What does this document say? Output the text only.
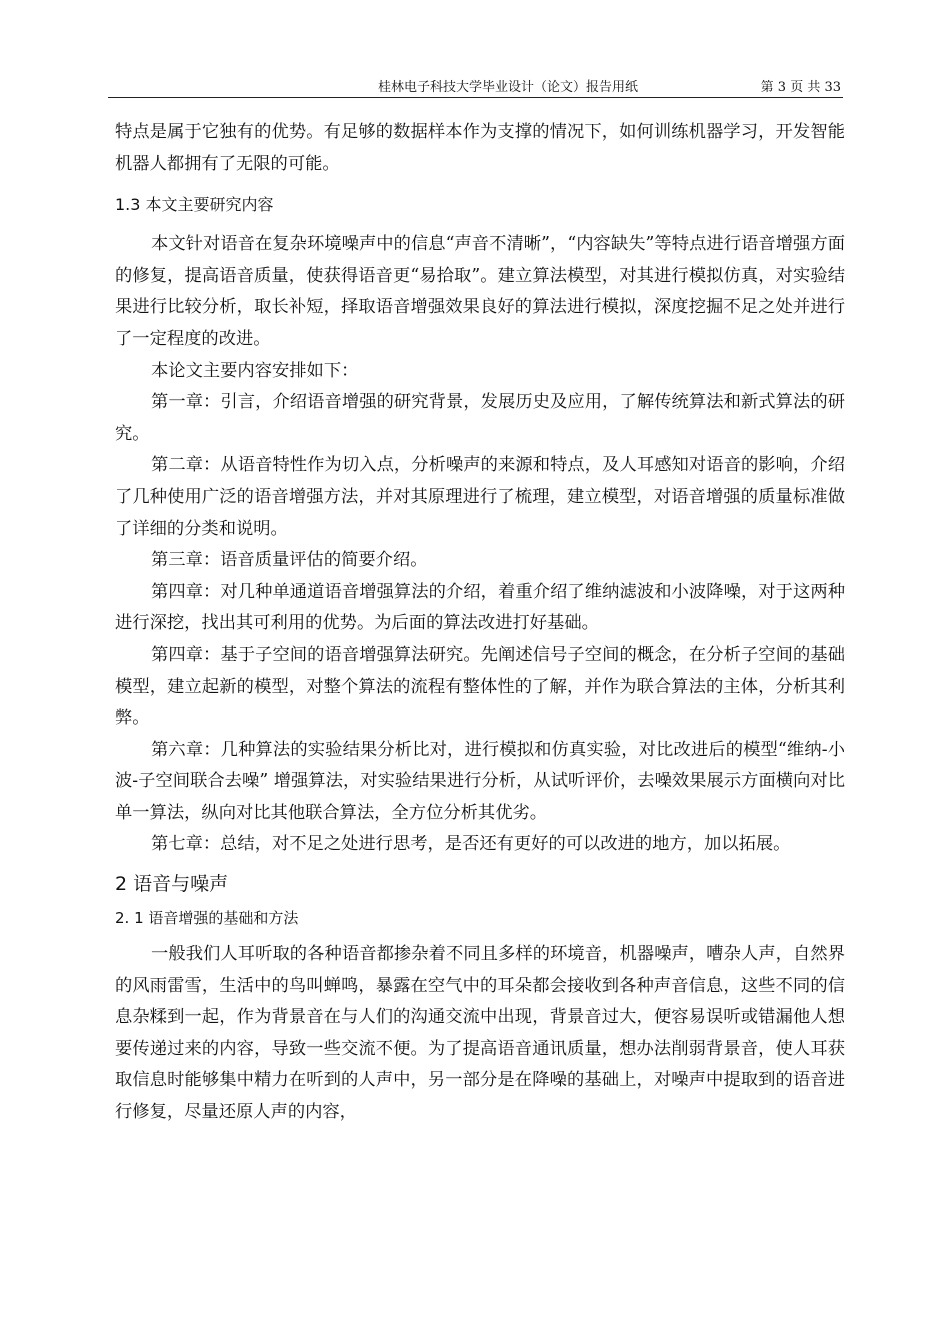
桂林电子科技大学毕业设计（论文）报告用纸	第 3 页 共 33

特点是属于它独有的优势。有足够的数据样本作为支撑的情况下，如何训练机器学习，开发智能机器人都拥有了无限的可能。

1.3 本文主要研究内容

本文针对语音在复杂环境噪声中的信息“声音不清晰”，“内容缺失”等特点进行语音增强方面的修复，提高语音质量，使获得语音更“易拾取”。建立算法模型，对其进行模拟仿真，对实验结果进行比较分析，取长补短，择取语音增强效果良好的算法进行模拟，深度挖掘不足之处并进行了一定程度的改进。

本论文主要内容安排如下：

第一章：引言，介绍语音增强的研究背景，发展历史及应用，了解传统算法和新式算法的研究。

第二章：从语音特性作为切入点，分析噪声的来源和特点，及人耳感知对语音的影响，介绍了几种使用广泛的语音增强方法，并对其原理进行了梳理，建立模型，对语音增强的质量标准做了详细的分类和说明。

第三章：语音质量评估的简要介绍。

第四章：对几种单通道语音增强算法的介绍，着重介绍了维纳滤波和小波降噪，对于这两种进行深挖，找出其可利用的优势。为后面的算法改进打好基础。

第四章：基于子空间的语音增强算法研究。先阐述信号子空间的概念，在分析子空间的基础模型，建立起新的模型，对整个算法的流程有整体性的了解，并作为联合算法的主体，分析其利弊。

第六章：几种算法的实验结果分析比对，进行模拟和仿真实验，对比改进后的模型“维纳-小波-子空间联合去噪” 增强算法，对实验结果进行分析，从试听评价，去噪效果展示方面横向对比单一算法，纵向对比其他联合算法，全方位分析其优劣。

第七章：总结，对不足之处进行思考，是否还有更好的可以改进的地方，加以拓展。

2 语音与噪声
2. 1 语音增强的基础和方法

一般我们人耳听取的各种语音都掺杂着不同且多样的环境音，机器噪声，嘈杂人声，自然界的风雨雷雪，生活中的鸟叫蝉鸣，暴露在空气中的耳朵都会接收到各种声音信息，这些不同的信息杂糅到一起，作为背景音在与人们的沟通交流中出现，背景音过大，便容易误听或错漏他人想要传递过来的内容，导致一些交流不便。为了提高语音通讯质量，想办法削弱背景音，使人耳获取信息时能够集中精力在听到的人声中，另一部分是在降噪的基础上，对噪声中提取到的语音进行修复，尽量还原人声的内容，
